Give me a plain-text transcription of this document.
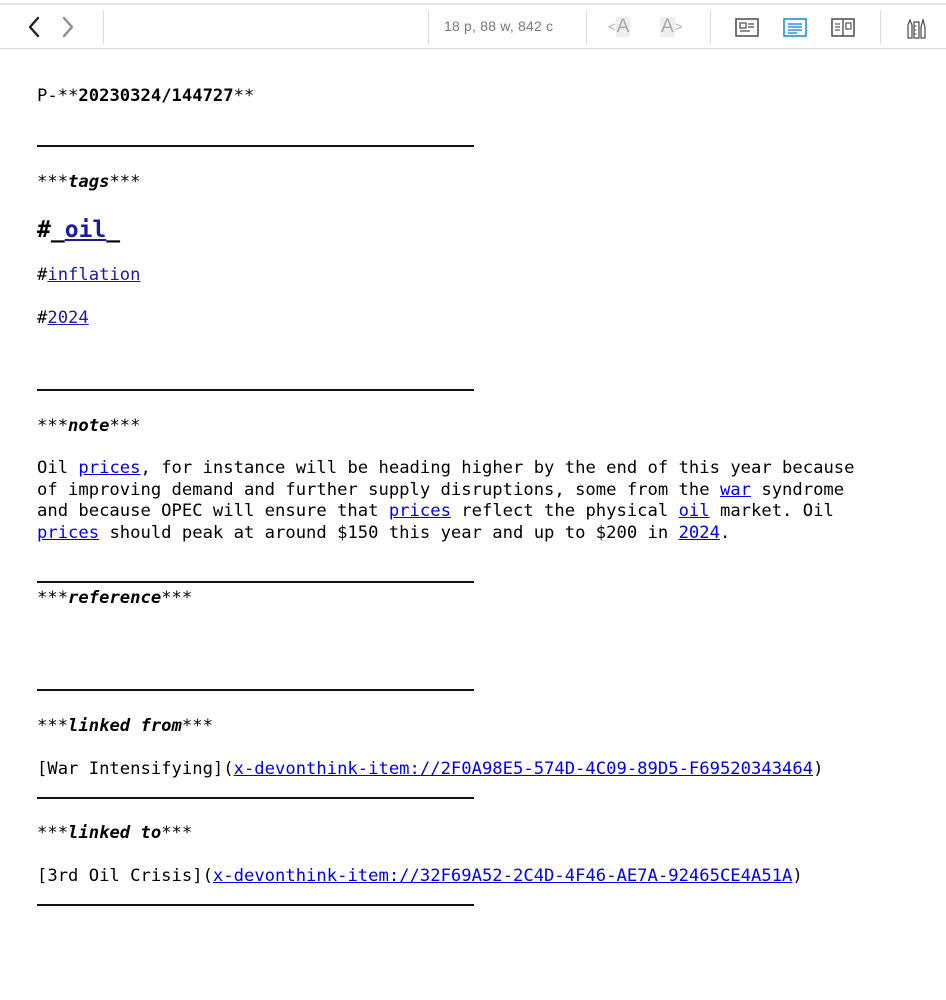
18 p, 88 w, 842 c	< A A >
P-**20230324/144727**
***tags***
#_oil_
#inflation
#2024
***note***
Oil prices, for instance will be heading higher by the end of this year because
of improving demand and further supply disruptions, some from the war syndrome
and because OPEC will ensure that prices reflect the physical oil market. Oil
prices should peak at around $150 this year and up to $200 in 2024.
***reference***
***linked from***
[War Intensifying](x-devonthink-item://2F0A98E5-574D-4C09-89D5-F69520343464)
***linked to***
[3rd Oil Crisis](x-devonthink-item://32F69A52-2C4D-4F46-AE7A-92465CE4A51A)
